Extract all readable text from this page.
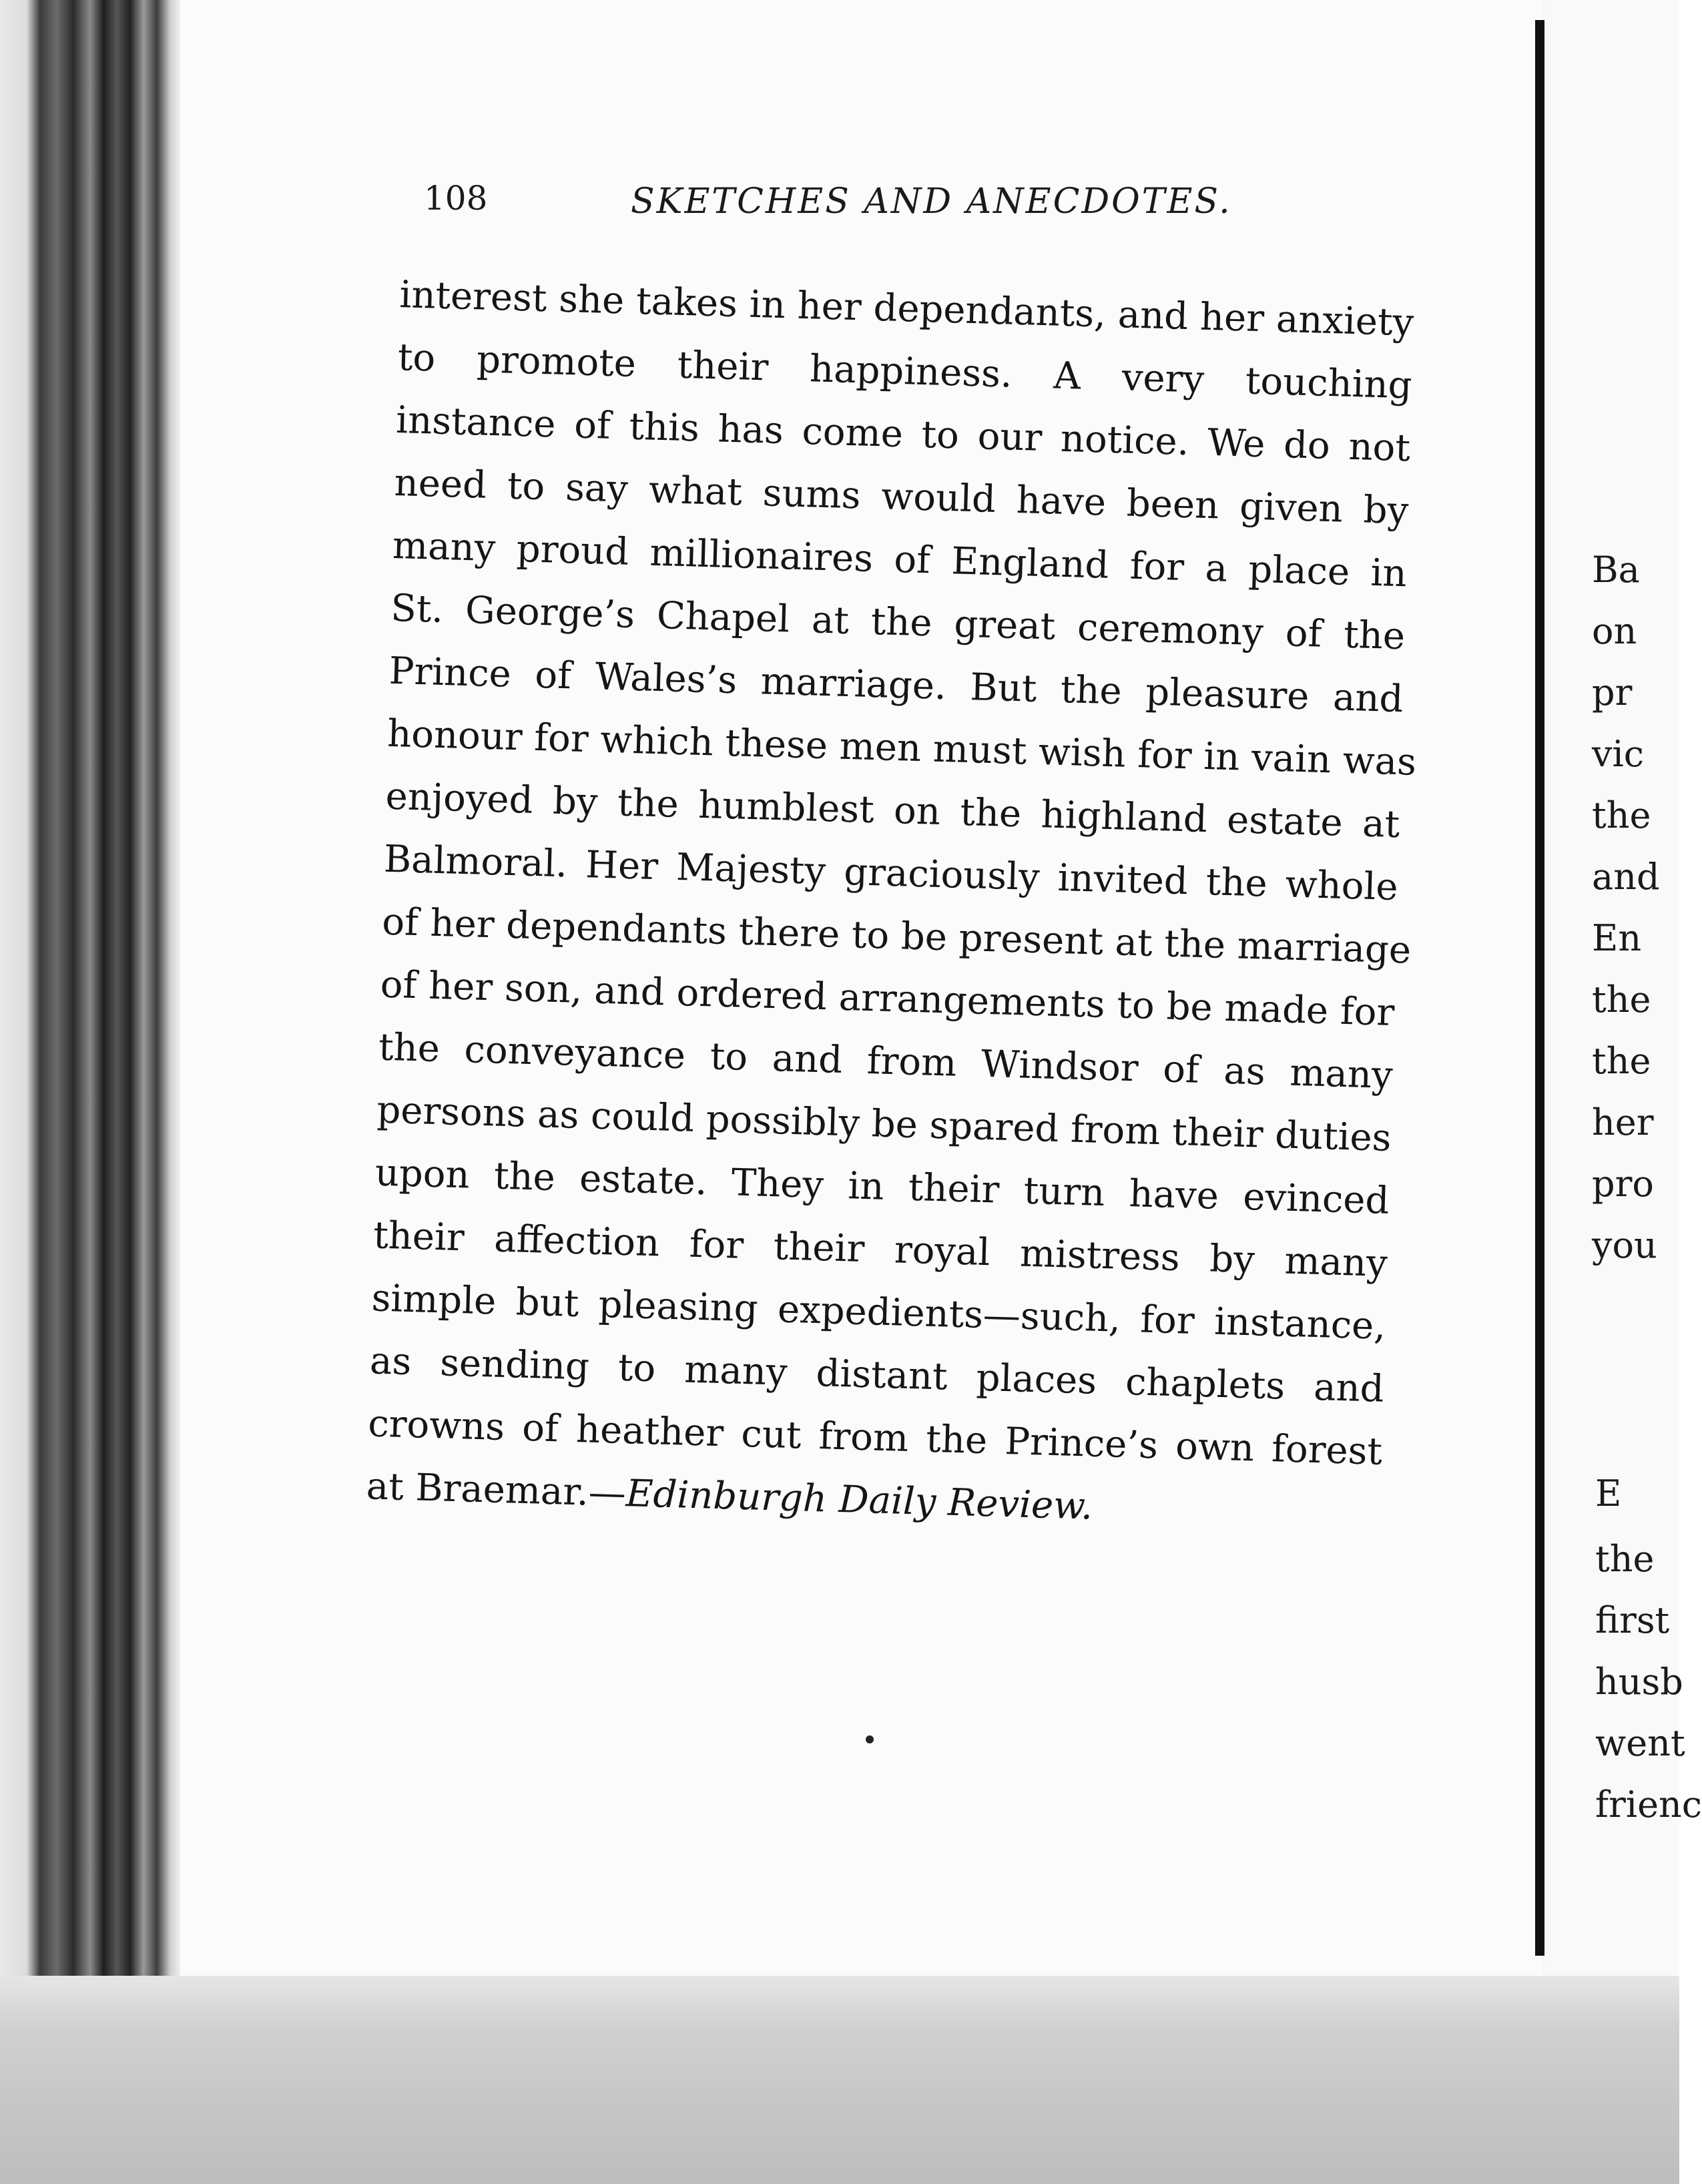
108	SKETCHES AND ANECDOTES.
interest she takes in her dependants, and her anxiety
to promote their happiness. A very touching
instance of this has come to our notice. We do not
need to say what sums would have been given by
many proud millionaires of England for a place in
St. George’s Chapel at the great ceremony of the
Prince of Wales’s marriage. But the pleasure and
honour for which these men must wish for in vain was
enjoyed by the humblest on the highland estate at
Balmoral. Her Majesty graciously invited the whole
of her dependants there to be present at the marriage
of her son, and ordered arrangements to be made for
the conveyance to and from Windsor of as many
persons as could possibly be spared from their duties
upon the estate. They in their turn have evinced
their affection for their royal mistress by many
simple but pleasing expedients—such, for instance,
as sending to many distant places chaplets and
crowns of heather cut from the Prince’s own forest
at Braemar.—Edinburgh Daily Review.
Ba
on
pr
vic
the
and
En
the
the
her
pro
you
E
the
first
husb
went
frienc
